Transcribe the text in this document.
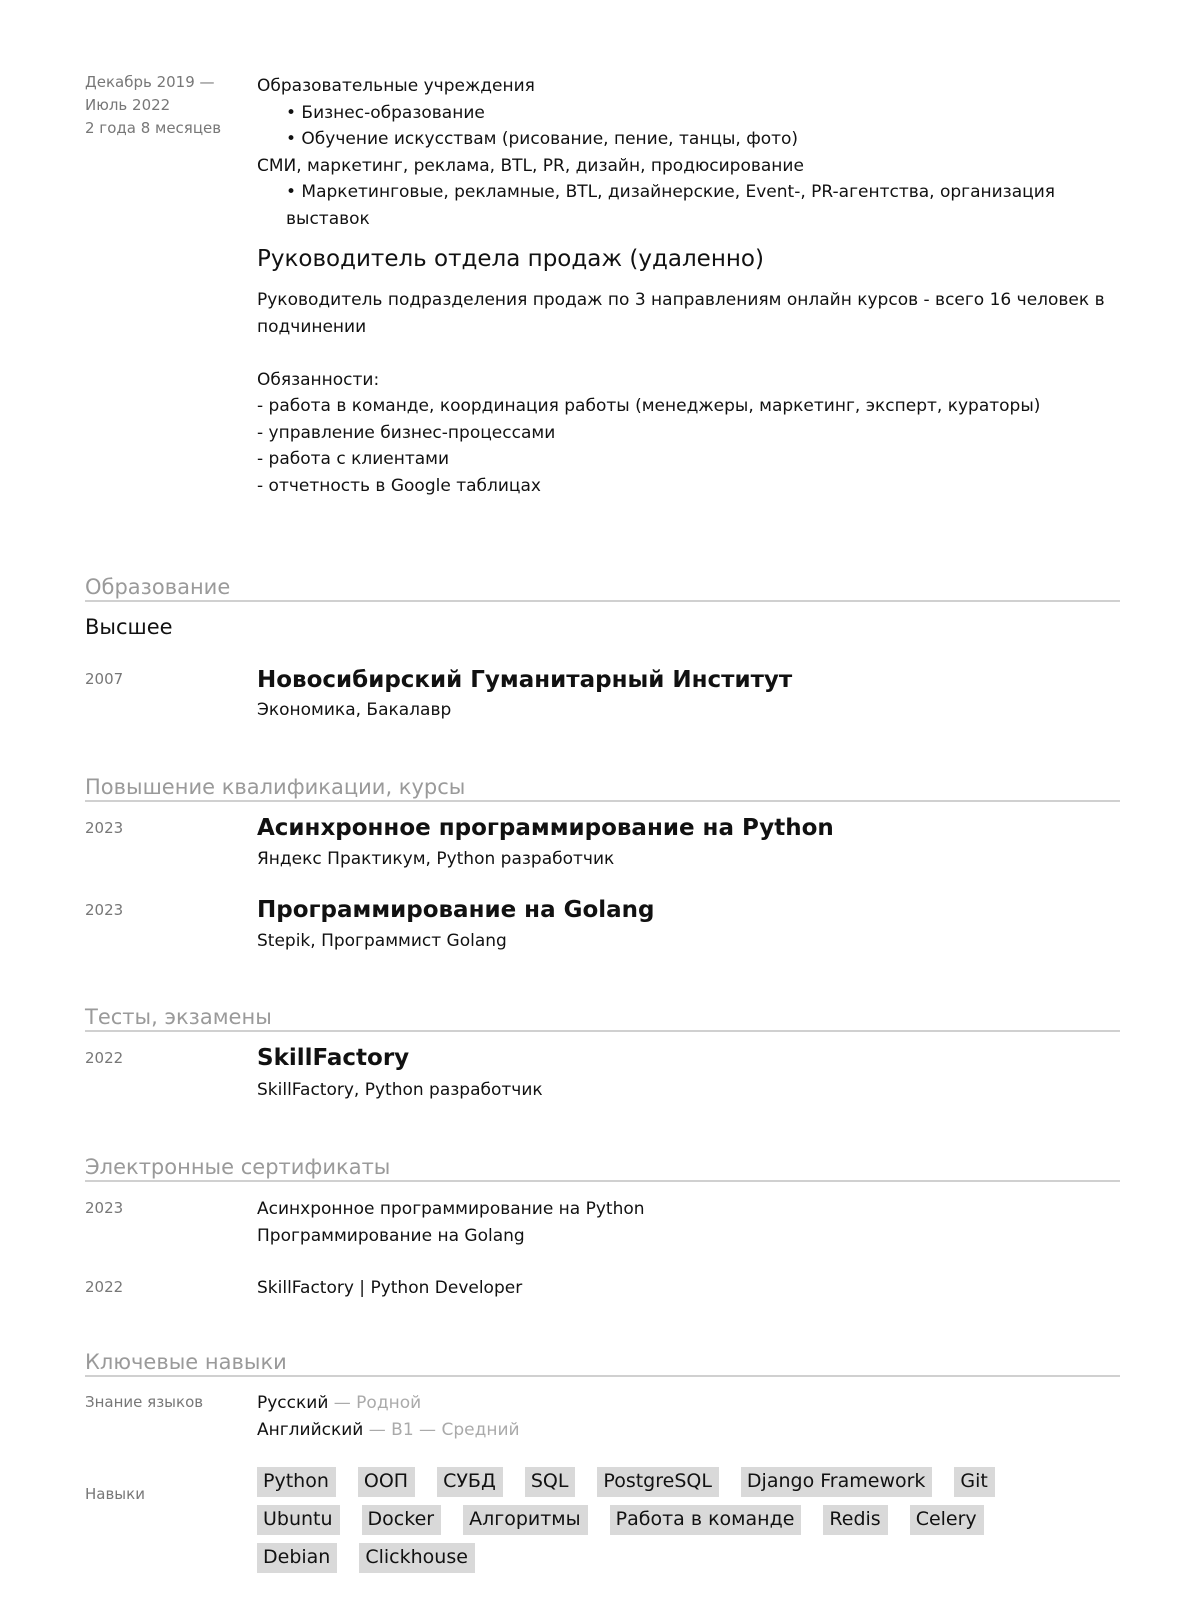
Декабрь 2019 —
Июль 2022
2 года 8 месяцев
Образовательные учреждения
• Бизнес-образование
• Обучение искусствам (рисование, пение, танцы, фото)
СМИ, маркетинг, реклама, BTL, PR, дизайн, продюсирование
• Маркетинговые, рекламные, BTL, дизайнерские, Event-, PR-агентства, организация
выставок
Руководитель отдела продаж (удаленно)
Руководитель подразделения продаж по 3 направлениям онлайн курсов - всего 16 человек в
подчинении

Обязанности:
- работа в команде, координация работы (менеджеры, маркетинг, эксперт, кураторы)
- управление бизнес-процессами
- работа с клиентами
- отчетность в Google таблицах
Образование
Высшее
2007	Новосибирский Гуманитарный Институт
Экономика, Бакалавр
Повышение квалификации, курсы
2023	Асинхронное программирование на Python
Яндекс Практикум, Python разработчик
2023	Программирование на Golang
Stepik, Программист Golang
Тесты, экзамены
2022	SkillFactory
SkillFactory, Python разработчик
Электронные сертификаты
2023	Асинхронное программирование на Python
Программирование на Golang
2022	SkillFactory | Python Developer
Ключевые навыки
Знание языков	Русский — Родной
Английский — B1 — Средний
Навыки
Python	ООП	СУБД	SQL	PostgreSQL	Django Framework	Git
Ubuntu	Docker	Алгоритмы	Работа в команде	Redis	Celery
Debian	Clickhouse
